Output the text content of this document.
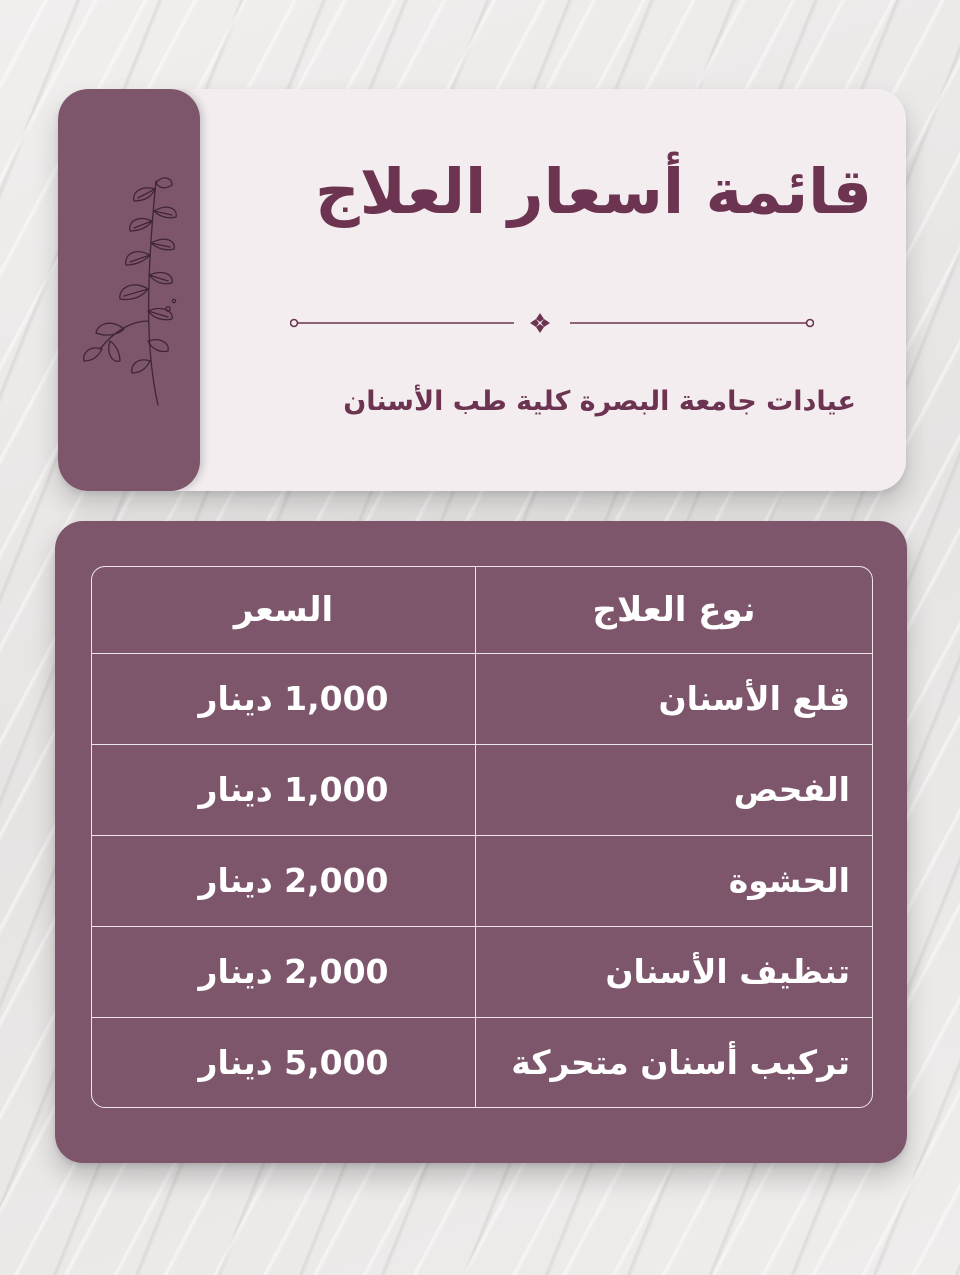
قائمة أسعار العلاج

عيادات جامعة البصرة كلية طب الأسنان

نوع العلاج	السعر
قلع الأسنان	1,000 دينار
الفحص	1,000 دينار
الحشوة	2,000 دينار
تنظيف الأسنان	2,000 دينار
تركيب أسنان متحركة	5,000 دينار
